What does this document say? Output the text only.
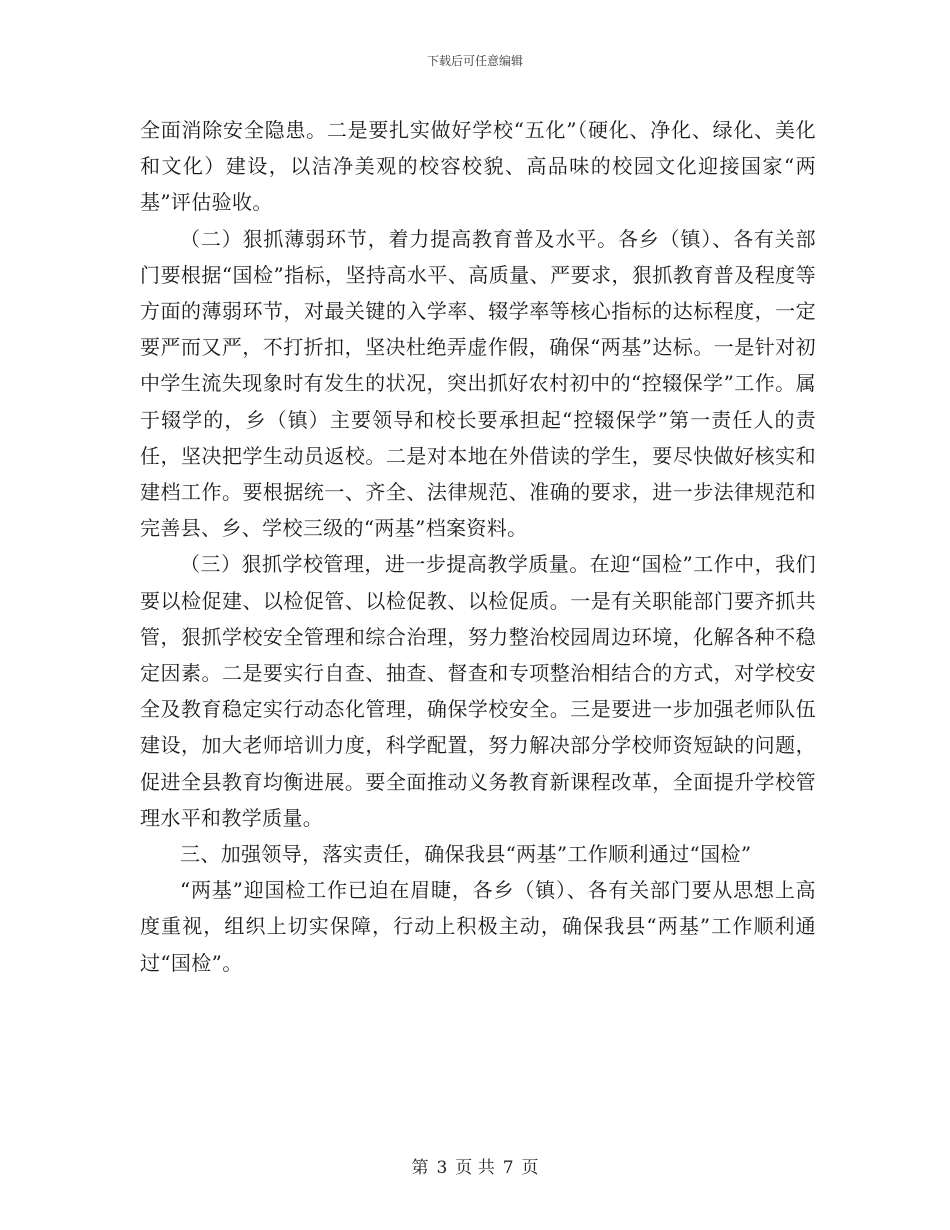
下载后可任意编辑

全面消除安全隐患。二是要扎实做好学校“五化”（硬化、净化、绿化、美化和文化）建设，以洁净美观的校容校貌、高品味的校园文化迎接国家“两基”评估验收。

（二）狠抓薄弱环节，着力提高教育普及水平。各乡（镇）、各有关部门要根据“国检”指标，坚持高水平、高质量、严要求，狠抓教育普及程度等方面的薄弱环节，对最关键的入学率、辍学率等核心指标的达标程度，一定要严而又严，不打折扣，坚决杜绝弄虚作假，确保“两基”达标。一是针对初中学生流失现象时有发生的状况，突出抓好农村初中的“控辍保学”工作。属于辍学的，乡（镇）主要领导和校长要承担起“控辍保学”第一责任人的责任，坚决把学生动员返校。二是对本地在外借读的学生，要尽快做好核实和建档工作。要根据统一、齐全、法律规范、准确的要求，进一步法律规范和完善县、乡、学校三级的“两基”档案资料。

（三）狠抓学校管理，进一步提高教学质量。在迎“国检”工作中，我们要以检促建、以检促管、以检促教、以检促质。一是有关职能部门要齐抓共管，狠抓学校安全管理和综合治理，努力整治校园周边环境，化解各种不稳定因素。二是要实行自查、抽查、督查和专项整治相结合的方式，对学校安全及教育稳定实行动态化管理，确保学校安全。三是要进一步加强老师队伍建设，加大老师培训力度，科学配置，努力解决部分学校师资短缺的问题，促进全县教育均衡进展。要全面推动义务教育新课程改革，全面提升学校管理水平和教学质量。

三、加强领导，落实责任，确保我县“两基”工作顺利通过“国检”

“两基”迎国检工作已迫在眉睫，各乡（镇）、各有关部门要从思想上高度重视，组织上切实保障，行动上积极主动，确保我县“两基”工作顺利通过“国检”。

第 3 页 共 7 页
